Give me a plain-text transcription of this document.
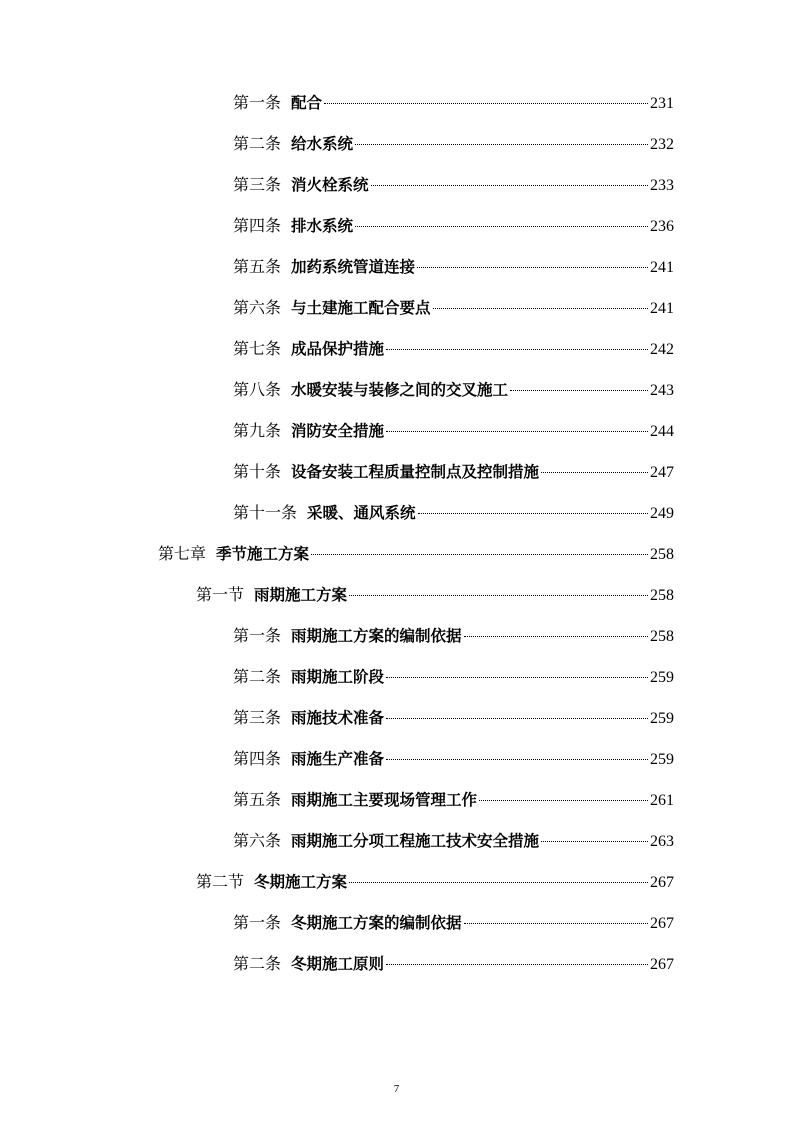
第一条 配合	231
第二条 给水系统	232
第三条 消火栓系统	233
第四条 排水系统	236
第五条 加药系统管道连接	241
第六条 与土建施工配合要点	241
第七条 成品保护措施	242
第八条 水暖安装与装修之间的交叉施工	243
第九条 消防安全措施	244
第十条 设备安装工程质量控制点及控制措施	247
第十一条 采暖、通风系统	249
第七章 季节施工方案	258
第一节 雨期施工方案	258
第一条 雨期施工方案的编制依据	258
第二条 雨期施工阶段	259
第三条 雨施技术准备	259
第四条 雨施生产准备	259
第五条 雨期施工主要现场管理工作	261
第六条 雨期施工分项工程施工技术安全措施	263
第二节 冬期施工方案	267
第一条 冬期施工方案的编制依据	267
第二条 冬期施工原则	267
7
